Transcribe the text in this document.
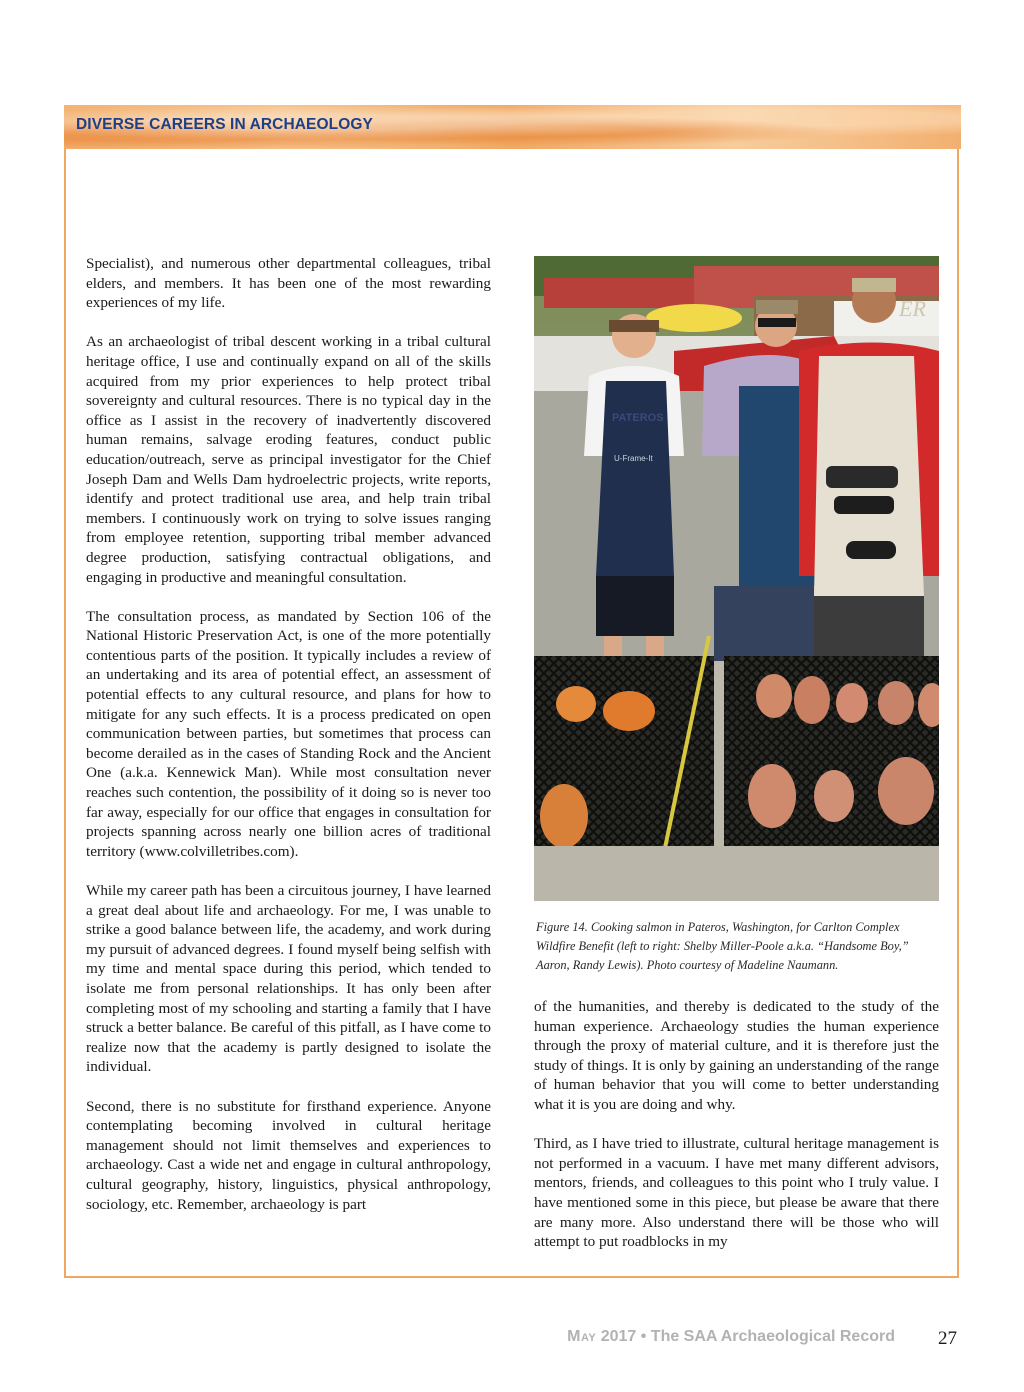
DIVERSE CAREERS IN ARCHAEOLOGY

Specialist), and numerous other departmental colleagues, tribal elders, and members. It has been one of the most rewarding experiences of my life.

As an archaeologist of tribal descent working in a tribal cultural heritage office, I use and continually expand on all of the skills acquired from my prior experiences to help protect tribal sovereignty and cultural resources. There is no typical day in the office as I assist in the recovery of inadvertently discovered human remains, salvage eroding features, conduct public education/outreach, serve as principal investigator for the Chief Joseph Dam and Wells Dam hydroelectric projects, write reports, identify and protect traditional use area, and help train tribal members. I continuously work on trying to solve issues ranging from employee retention, supporting tribal member advanced degree production, satisfying contractual obligations, and engaging in productive and meaningful consultation.

The consultation process, as mandated by Section 106 of the National Historic Preservation Act, is one of the more potentially contentious parts of the position. It typically includes a review of an undertaking and its area of potential effect, an assessment of potential effects to any cultural resource, and plans for how to mitigate for any such effects. It is a process predicated on open communication between parties, but sometimes that process can become derailed as in the cases of Standing Rock and the Ancient One (a.k.a. Kennewick Man). While most consultation never reaches such contention, the possibility of it doing so is never too far away, especially for our office that engages in consultation for projects spanning across nearly one billion acres of traditional territory (www.colvilletribes.com).

While my career path has been a circuitous journey, I have learned a great deal about life and archaeology. For me, I was unable to strike a good balance between life, the academy, and work during my pursuit of advanced degrees. I found myself being selfish with my time and mental space during this period, which tended to isolate me from personal relationships. It has only been after completing most of my schooling and starting a family that I have struck a better balance. Be careful of this pitfall, as I have come to realize now that the academy is partly designed to isolate the individual.

Second, there is no substitute for firsthand experience. Anyone contemplating becoming involved in cultural heritage management should not limit themselves and experiences to archaeology. Cast a wide net and engage in cultural anthropology, cultural geography, history, linguistics, physical anthropology, sociology, etc. Remember, archaeology is part

ER
PATEROS
U-Frame-It

Figure 14. Cooking salmon in Pateros, Washington, for Carlton Complex Wildfire Benefit (left to right: Shelby Miller-Poole a.k.a. “Handsome Boy,” Aaron, Randy Lewis). Photo courtesy of Madeline Naumann.

of the humanities, and thereby is dedicated to the study of the human experience. Archaeology studies the human experience through the proxy of material culture, and it is therefore just the study of things. It is only by gaining an understanding of the range of human behavior that you will come to better understanding what it is you are doing and why.

Third, as I have tried to illustrate, cultural heritage management is not performed in a vacuum. I have met many different advisors, mentors, friends, and colleagues to this point who I truly value. I have mentioned some in this piece, but please be aware that there are many more. Also understand there will be those who will attempt to put roadblocks in my

May 2017 • The SAA Archaeological Record 27
